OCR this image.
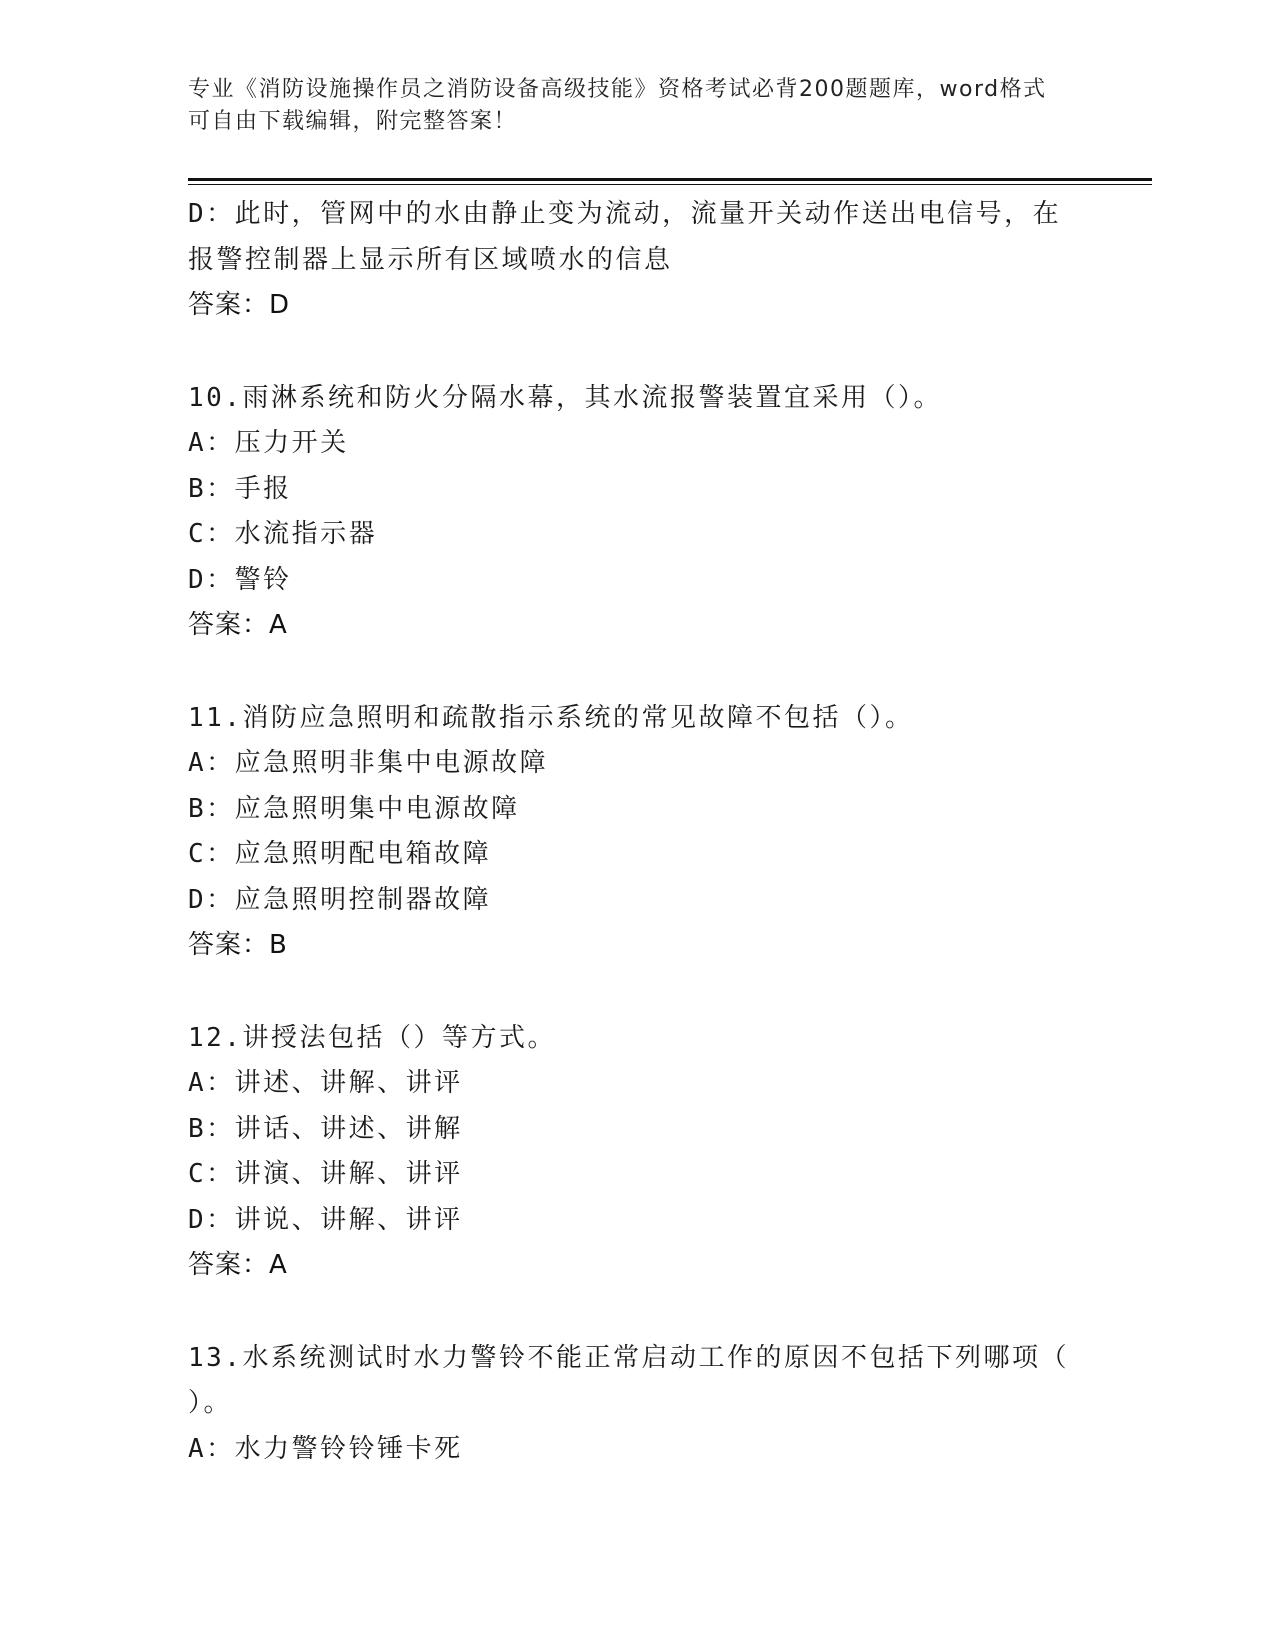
专业《消防设施操作员之消防设备高级技能》资格考试必背200题题库，word格式可自由下载编辑，附完整答案！
D：此时，管网中的水由静止变为流动，流量开关动作送出电信号，在
报警控制器上显示所有区域喷水的信息
答案：D
10.雨淋系统和防火分隔水幕，其水流报警装置宜采用（）。
A：压力开关
B：手报
C：水流指示器
D：警铃
答案：A
11.消防应急照明和疏散指示系统的常见故障不包括（）。
A：应急照明非集中电源故障
B：应急照明集中电源故障
C：应急照明配电箱故障
D：应急照明控制器故障
答案：B
12.讲授法包括（）等方式。
A：讲述、讲解、讲评
B：讲话、讲述、讲解
C：讲演、讲解、讲评
D：讲说、讲解、讲评
答案：A
13.水系统测试时水力警铃不能正常启动工作的原因不包括下列哪项（
）。
A：水力警铃铃锤卡死
